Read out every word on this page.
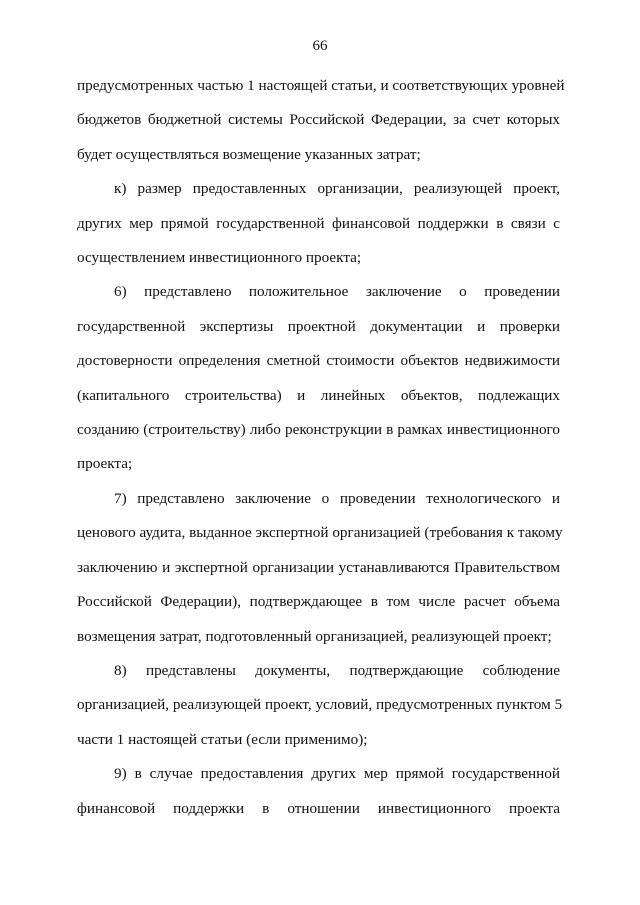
66
предусмотренных частью 1 настоящей статьи, и соответствующих уровней
бюджетов бюджетной системы Российской Федерации, за счет которых
будет осуществляться возмещение указанных затрат;
к) размер предоставленных организации, реализующей проект,
других мер прямой государственной финансовой поддержки в связи с
осуществлением инвестиционного проекта;
6) представлено положительное заключение о проведении
государственной экспертизы проектной документации и проверки
достоверности определения сметной стоимости объектов недвижимости
(капитального строительства) и линейных объектов, подлежащих
созданию (строительству) либо реконструкции в рамках инвестиционного
проекта;
7) представлено заключение о проведении технологического и
ценового аудита, выданное экспертной организацией (требования к такому
заключению и экспертной организации устанавливаются Правительством
Российской Федерации), подтверждающее в том числе расчет объема
возмещения затрат, подготовленный организацией, реализующей проект;
8) представлены документы, подтверждающие соблюдение
организацией, реализующей проект, условий, предусмотренных пунктом 5
части 1 настоящей статьи (если применимо);
9) в случае предоставления других мер прямой государственной
финансовой поддержки в отношении инвестиционного проекта
